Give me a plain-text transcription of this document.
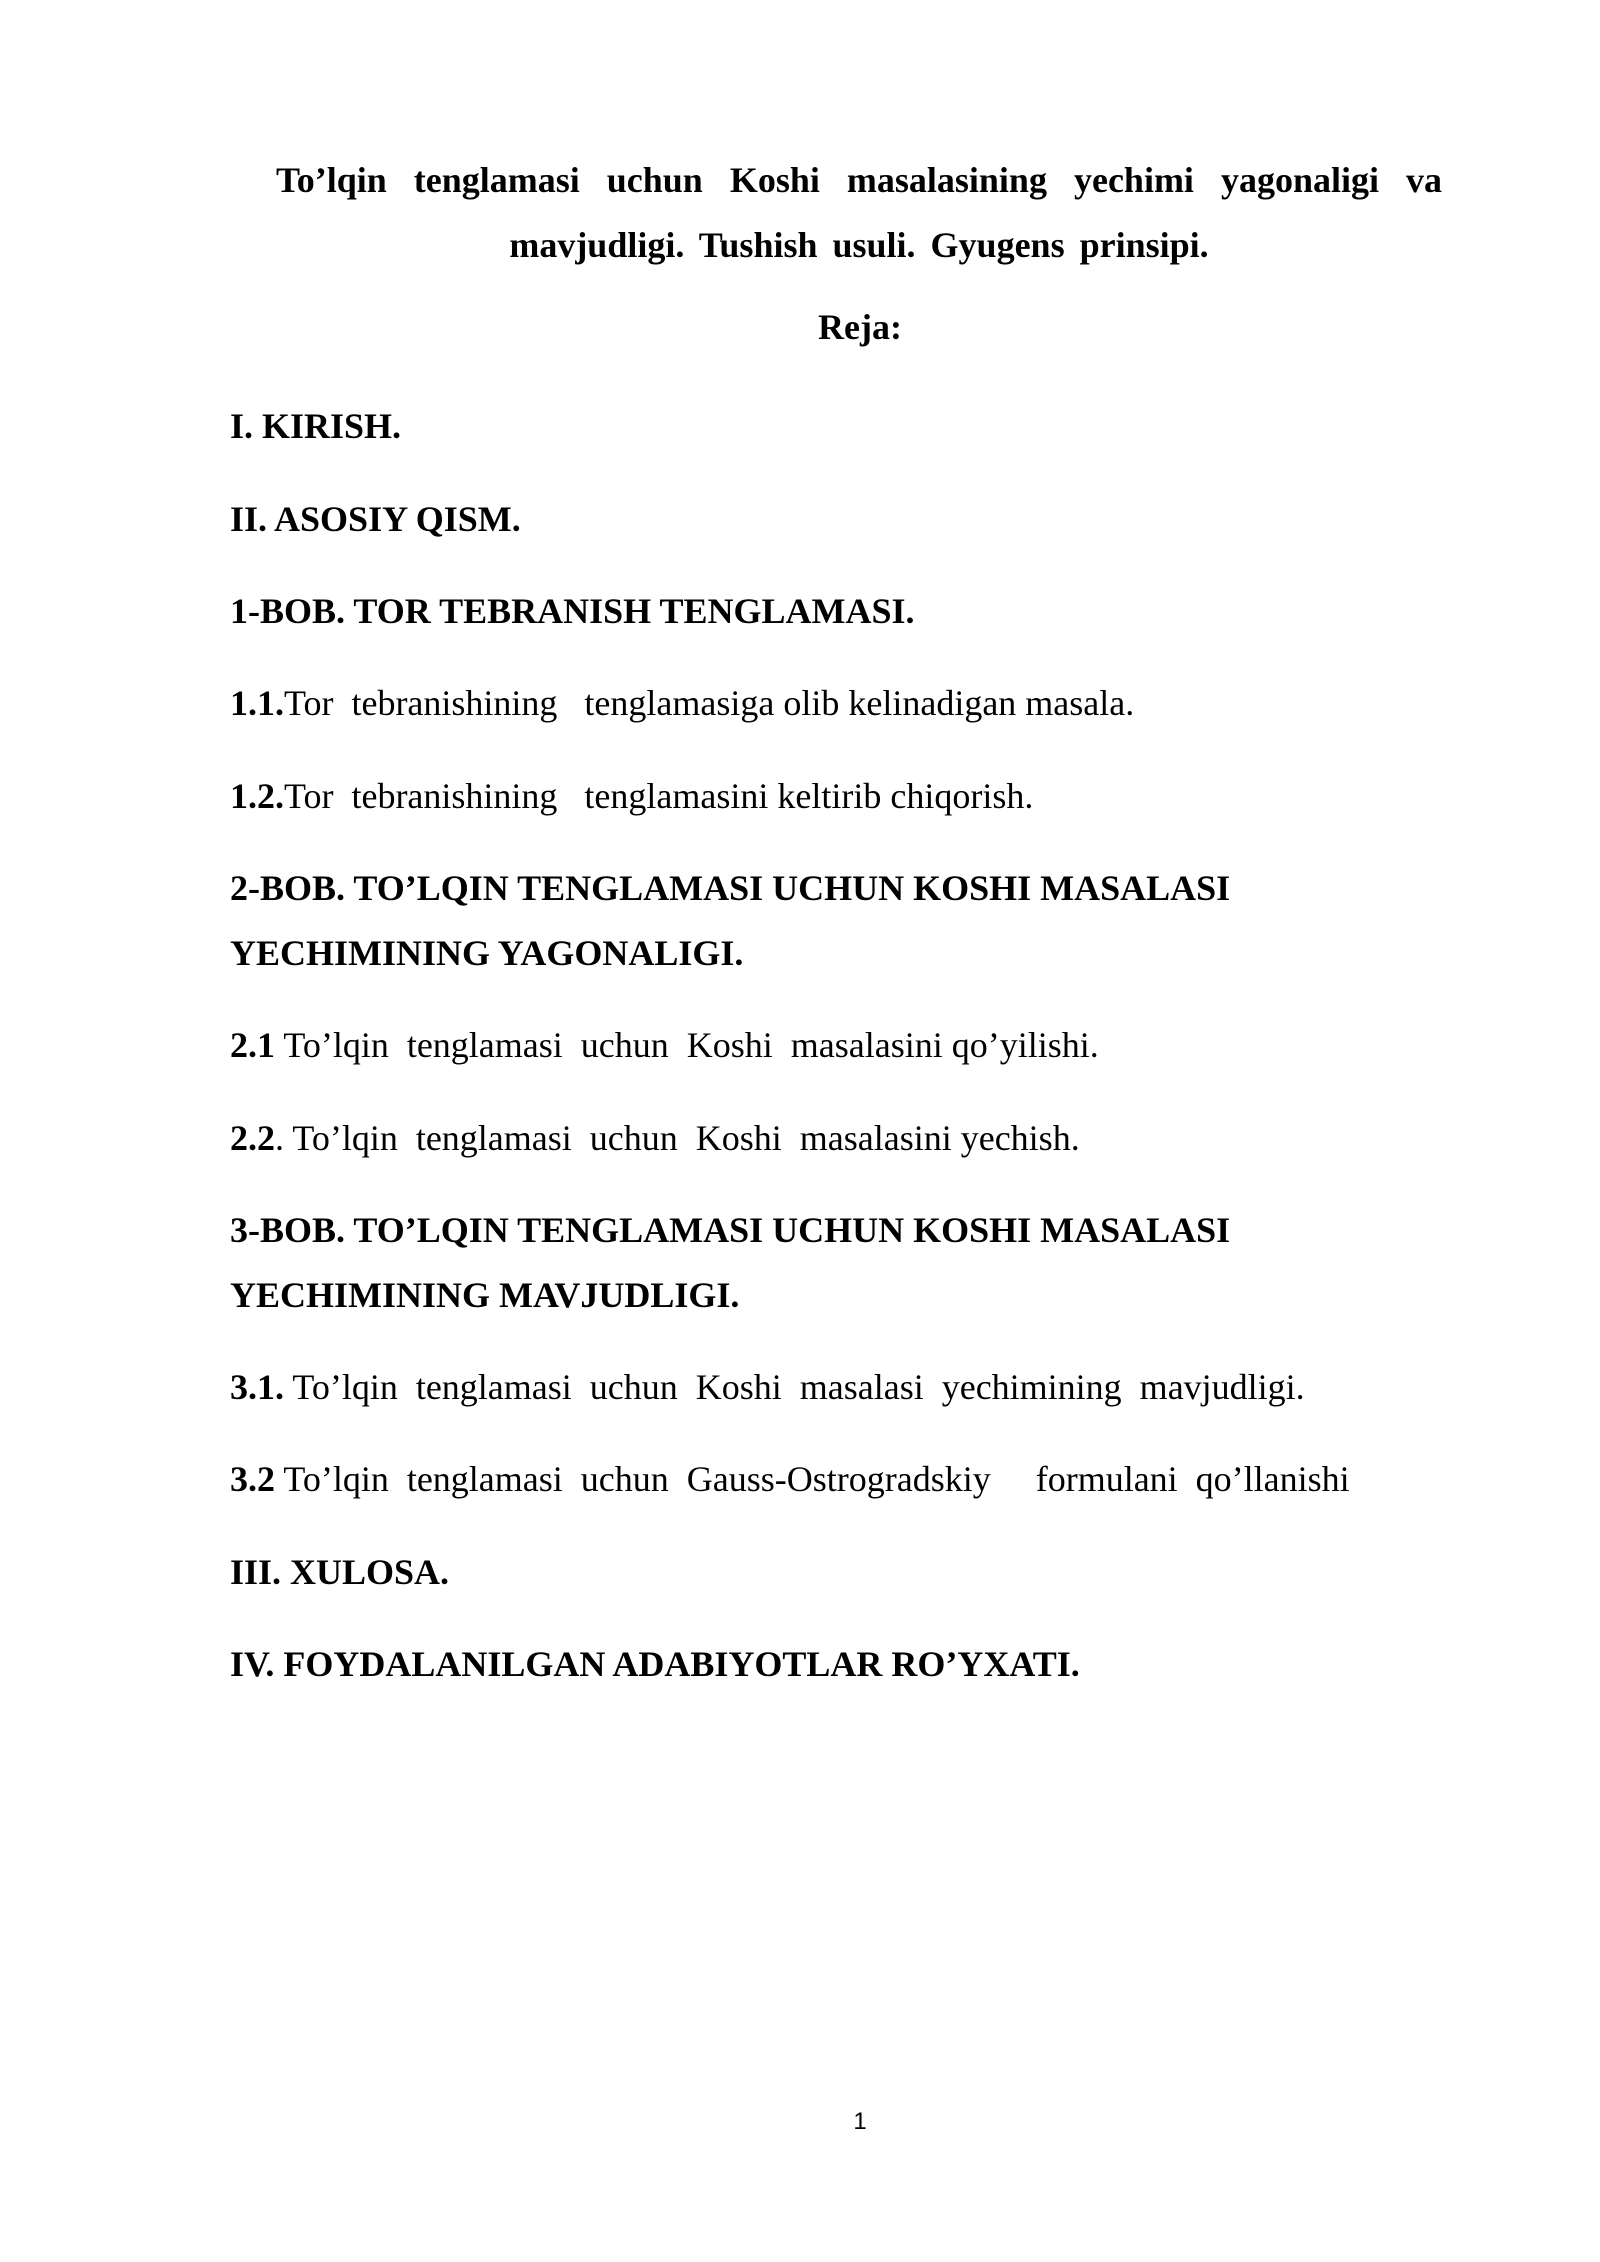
To’lqin tenglamasi uchun Koshi masalasining yechimi yagonaligi va mavjudligi. Tushish usuli. Gyugens prinsipi.
Reja:
I. KIRISH.
II. ASOSIY QISM.
1-BOB. TOR TEBRANISH TENGLAMASI.
1.1.Tor  tebranishining   tenglamasiga olib kelinadigan masala.
1.2.Tor  tebranishining   tenglamasini keltirib chiqorish.
2-BOB. TO’LQIN TENGLAMASI UCHUN KOSHI MASALASI
YECHIMINING YAGONALIGI.
2.1 To’lqin  tenglamasi  uchun  Koshi  masalasini qo’yilishi.
2.2. To’lqin  tenglamasi  uchun  Koshi  masalasini yechish.
3-BOB. TO’LQIN TENGLAMASI UCHUN KOSHI MASALASI
YECHIMINING MAVJUDLIGI.
3.1. To’lqin  tenglamasi  uchun  Koshi  masalasi  yechimining  mavjudligi.
3.2 To’lqin  tenglamasi  uchun  Gauss-Ostrogradskiy     formulani  qo’llanishi
III. XULOSA.
IV. FOYDALANILGAN ADABIYOTLAR RO’YXATI.
1
